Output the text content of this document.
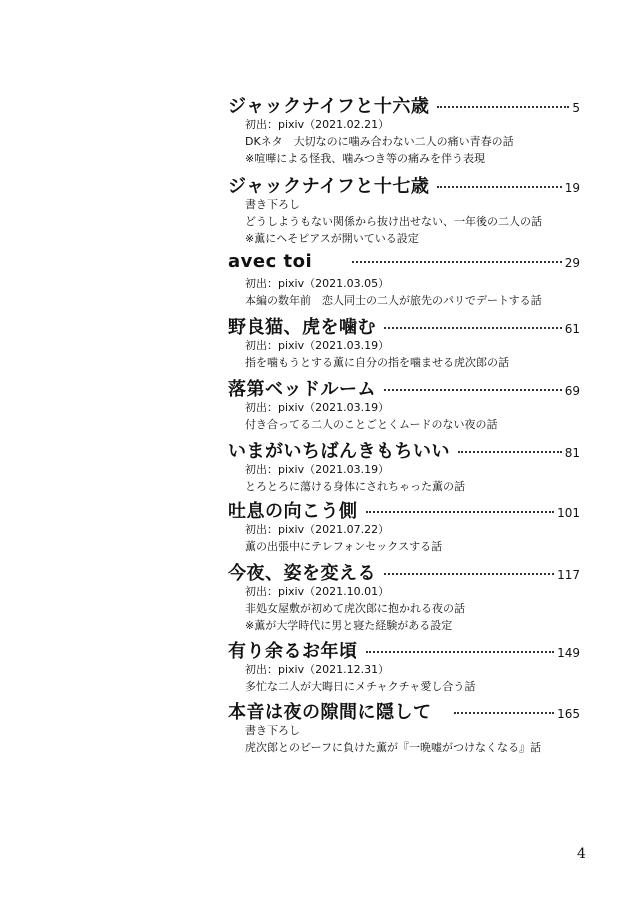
ジャックナイフと十六歳	5
初出：pixiv（2021.02.21）
DKネタ　大切なのに噛み合わない二人の痛い青春の話
※喧嘩による怪我、噛みつき等の痛みを伴う表現
ジャックナイフと十七歳	19
書き下ろし
どうしようもない関係から抜け出せない、一年後の二人の話
※薫にヘそピアスが開いている設定
avec toi	29
初出：pixiv（2021.03.05）
本編の数年前　恋人同士の二人が旅先のパリでデートする話
野良猫、虎を噛む	61
初出：pixiv（2021.03.19）
指を噛もうとする薫に自分の指を噛ませる虎次郎の話
落第ベッドルーム	69
初出：pixiv（2021.03.19）
付き合ってる二人のことごとくムードのない夜の話
いまがいちばんきもちいい	81
初出：pixiv（2021.03.19）
とろとろに蕩ける身体にされちゃった薫の話
吐息の向こう側	101
初出：pixiv（2021.07.22）
薫の出張中にテレフォンセックスする話
今夜、姿を変える	117
初出：pixiv（2021.10.01）
非処女屋敷が初めて虎次郎に抱かれる夜の話
※薫が大学時代に男と寝た経験がある設定
有り余るお年頃	149
初出：pixiv（2021.12.31）
多忙な二人が大晦日にメチャクチャ愛し合う話
本音は夜の隙間に隠して	165
書き下ろし
虎次郎とのビーフに負けた薫が『一晩嘘がつけなくなる』話
4
